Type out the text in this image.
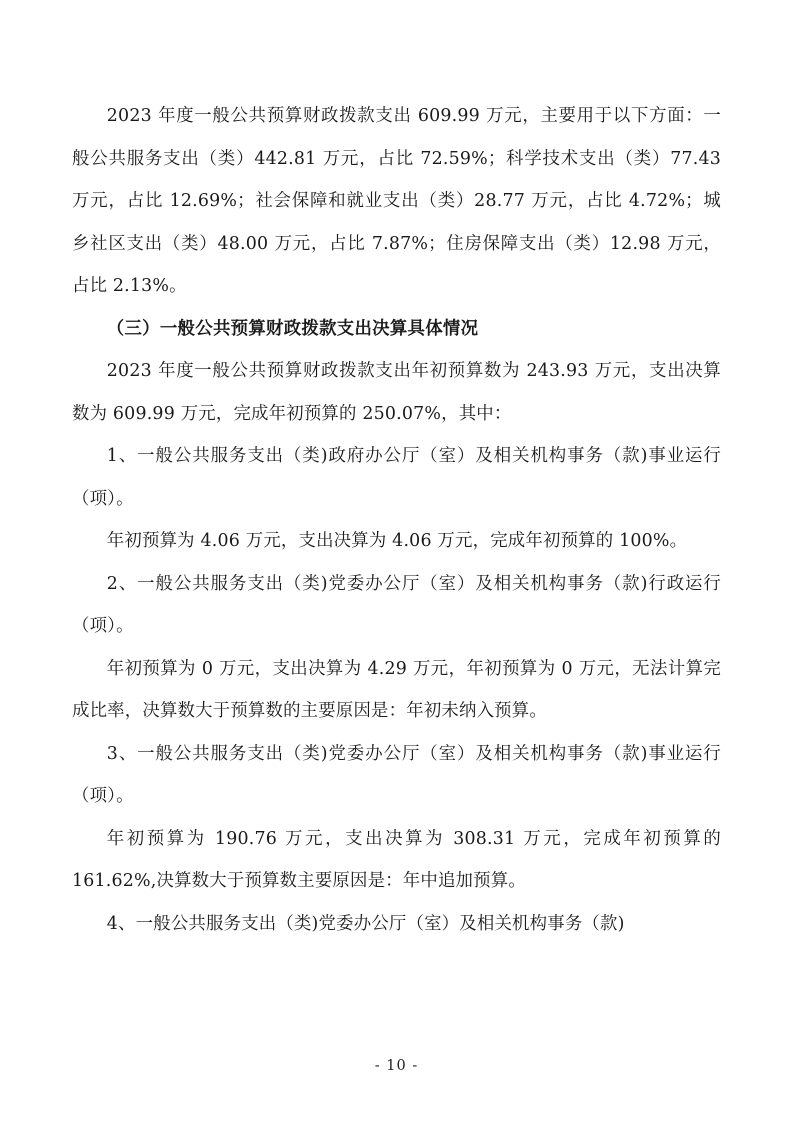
2023 年度一般公共预算财政拨款支出 609.99 万元，主要用于以下方面：一般公共服务支出（类）442.81 万元，占比 72.59%；科学技术支出（类）77.43 万元，占比 12.69%；社会保障和就业支出（类）28.77 万元，占比 4.72%；城乡社区支出（类）48.00 万元，占比 7.87%；住房保障支出（类）12.98 万元，占比 2.13%。

（三）一般公共预算财政拨款支出决算具体情况

2023 年度一般公共预算财政拨款支出年初预算数为 243.93 万元，支出决算数为 609.99 万元，完成年初预算的 250.07%，其中：

1、一般公共服务支出（类)政府办公厅（室）及相关机构事务（款)事业运行（项）。

年初预算为 4.06 万元，支出决算为 4.06 万元，完成年初预算的 100%。

2、一般公共服务支出（类)党委办公厅（室）及相关机构事务（款)行政运行（项）。

年初预算为 0 万元，支出决算为 4.29 万元，年初预算为 0 万元，无法计算完成比率，决算数大于预算数的主要原因是：年初未纳入预算。

3、一般公共服务支出（类)党委办公厅（室）及相关机构事务（款)事业运行（项）。

年初预算为 190.76 万元，支出决算为 308.31 万元，完成年初预算的 161.62%,决算数大于预算数主要原因是：年中追加预算。

4、一般公共服务支出（类)党委办公厅（室）及相关机构事务（款)

- 10 -
